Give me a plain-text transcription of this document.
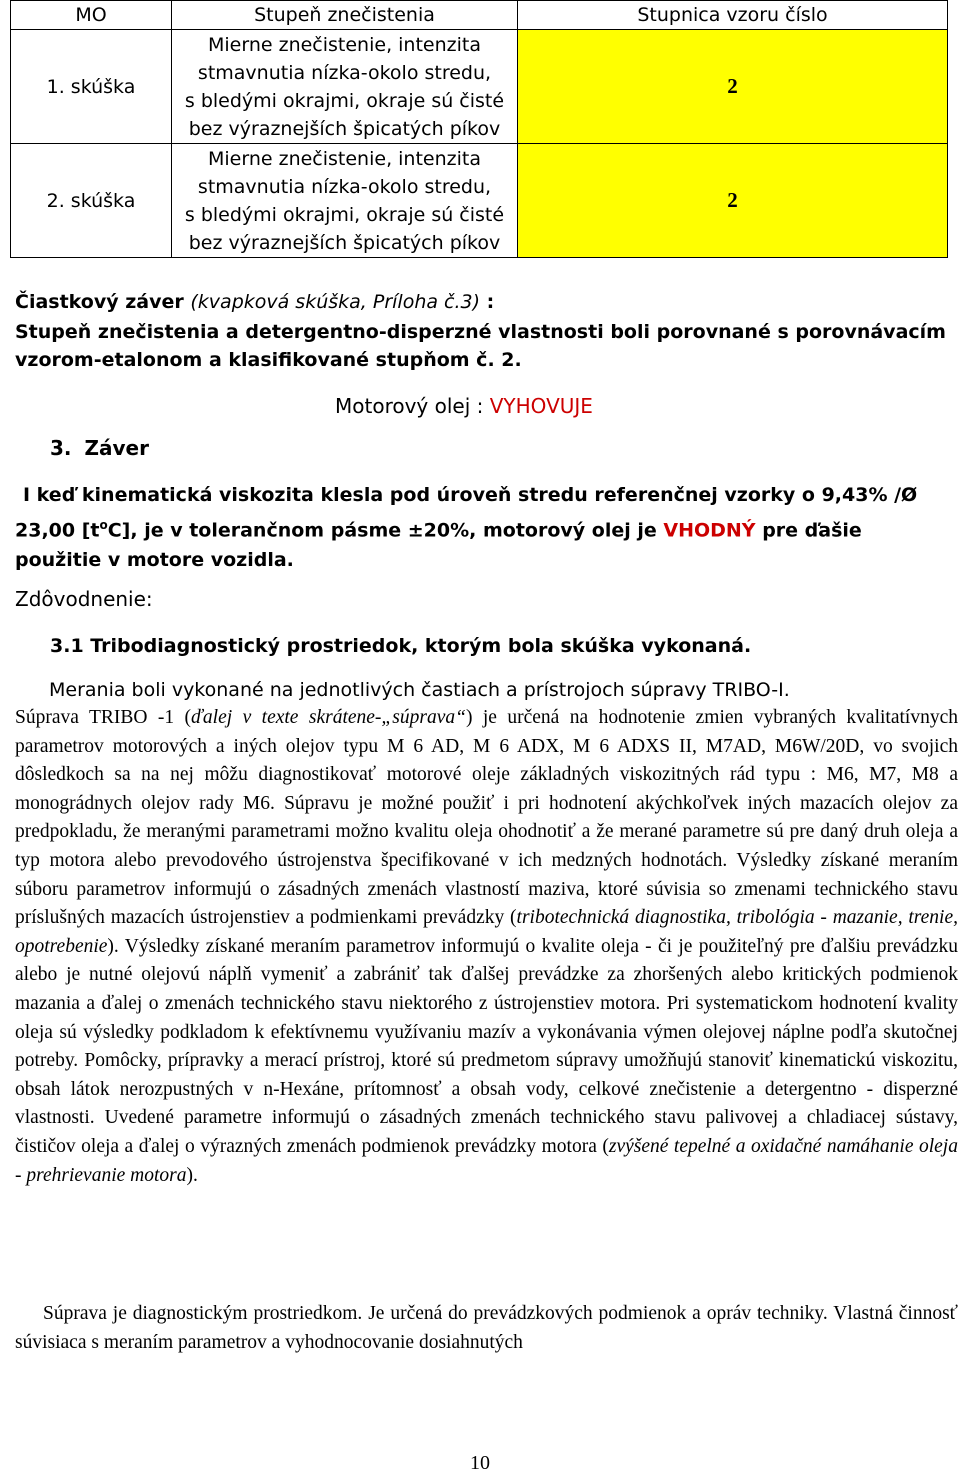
MO	Stupeň znečistenia	Stupnica vzoru číslo
1. skúška	Mierne znečistenie, intenzita
stmavnutia nízka-okolo stredu,
s bledými okrajmi, okraje sú čisté
bez výraznejších špicatých píkov	2
2. skúška	Mierne znečistenie, intenzita
stmavnutia nízka-okolo stredu,
s bledými okrajmi, okraje sú čisté
bez výraznejších špicatých píkov	2
Čiastkový záver (kvapková skúška, Príloha č.3) :
Stupeň znečistenia a detergentno-disperzné vlastnosti boli porovnané s porovnávacím
vzorom-etalonom a klasifikované stupňom č. 2.
Motorový olej : VYHOVUJE
3. Záver
I keď kinematická viskozita klesla pod úroveň stredu referenčnej vzorky o 9,43% /Ø
23,00 $[t^oC]$, je v tolerančnom pásme ±20%, motorový olej je VHODNÝ pre ďašie
použitie v motore vozidla.
Zdôvodnenie:
3.1 Tribodiagnostický prostriedok, ktorým bola skúška vykonaná.
Merania boli vykonané na jednotlivých častiach a prístrojoch súpravy TRIBO-I.
Súprava TRIBO -1 (ďalej v texte skrátene-„súprava“) je určená na hodnotenie zmien vybraných kvalitatívnych parametrov motorových a iných olejov typu M 6 AD, M 6 ADX, M 6 ADXS II, M7AD, M6W/20D, vo svojich dôsledkoch sa na nej môžu diagnostikovať motorové oleje základných viskozitných rád typu : M6, M7, M8 a monográdnych olejov rady M6. Súpravu je možné použiť i pri hodnotení akýchkoľvek iných mazacích olejov za predpokladu, že meranými parametrami možno kvalitu oleja ohodnotiť a že merané parametre sú pre daný druh oleja a typ motora alebo prevodového ústrojenstva špecifikované v ich medzných hodnotách. Výsledky získané meraním súboru parametrov informujú o zásadných zmenách vlastností maziva, ktoré súvisia so zmenami technického stavu príslušných mazacích ústrojenstiev a podmienkami prevádzky (tribotechnická diagnostika, tribológia - mazanie, trenie, opotrebenie). Výsledky získané meraním parametrov informujú o kvalite oleja - či je použiteľný pre ďalšiu prevádzku alebo je nutné olejovú náplň vymeniť a zabrániť tak ďalšej prevádzke za zhoršených alebo kritických podmienok mazania a ďalej o zmenách technického stavu niektorého z ústrojenstiev motora. Pri systematickom hodnotení kvality oleja sú výsledky podkladom k efektívnemu využívaniu mazív a vykonávania výmen olejovej náplne podľa skutočnej potreby. Pomôcky, prípravky a merací prístroj, ktoré sú predmetom súpravy umožňujú stanoviť kinematickú viskozitu, obsah látok nerozpustných v n-Hexáne, prítomnosť a obsah vody, celkové znečistenie a detergentno - disperzné vlastnosti. Uvedené parametre informujú o zásadných zmenách technického stavu palivovej a chladiacej sústavy, čističov oleja a ďalej o výrazných zmenách podmienok prevádzky motora (zvýšené tepelné a oxidačné namáhanie oleja - prehrievanie motora).
Súprava je diagnostickým prostriedkom. Je určená do prevádzkových podmienok a opráv techniky. Vlastná činnosť súvisiaca s meraním parametrov a vyhodnocovanie dosiahnutých
10
